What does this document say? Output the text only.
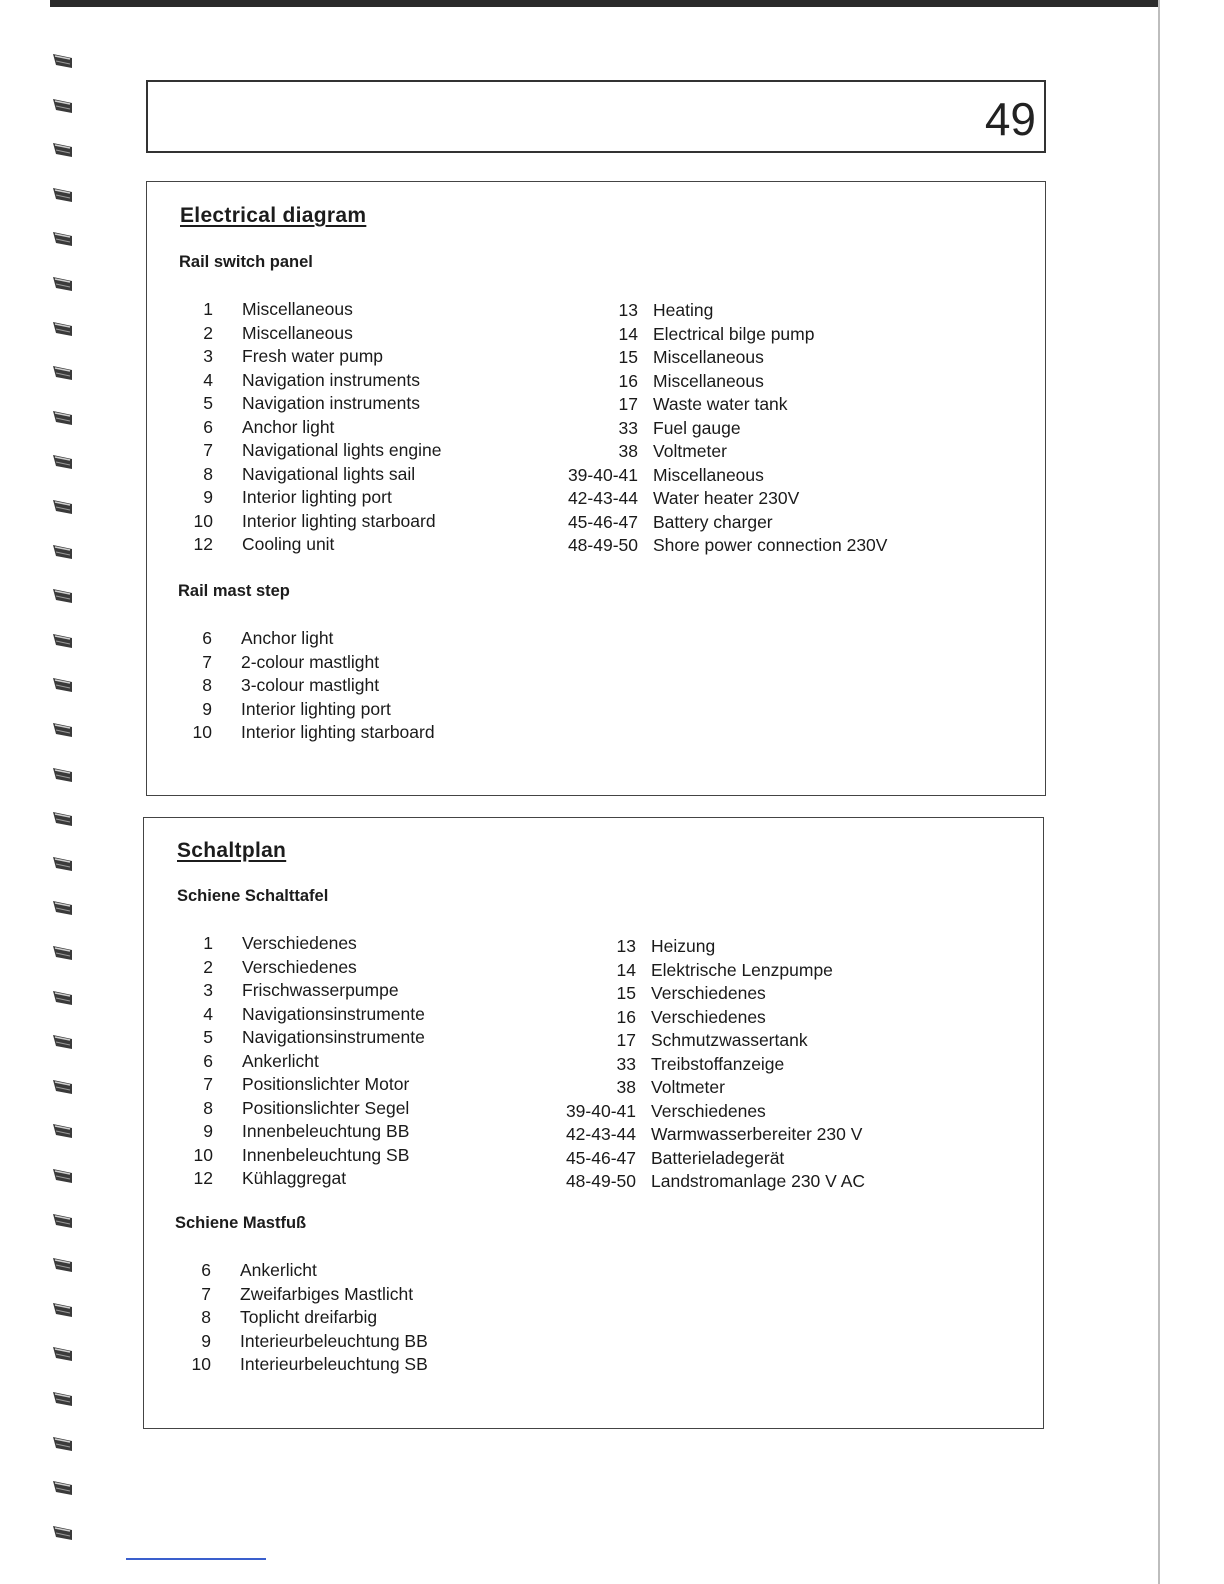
49
Electrical diagram
Rail switch panel
1 Miscellaneous
2 Miscellaneous
3 Fresh water pump
4 Navigation instruments
5 Navigation instruments
6 Anchor light
7 Navigational lights engine
8 Navigational lights sail
9 Interior lighting port
10 Interior lighting starboard
12 Cooling unit
13 Heating
14 Electrical bilge pump
15 Miscellaneous
16 Miscellaneous
17 Waste water tank
33 Fuel gauge
38 Voltmeter
39-40-41 Miscellaneous
42-43-44 Water heater 230V
45-46-47 Battery charger
48-49-50 Shore power connection 230V
Rail mast step
6 Anchor light
7 2-colour mastlight
8 3-colour mastlight
9 Interior lighting port
10 Interior lighting starboard
Schaltplan
Schiene Schalttafel
1 Verschiedenes
2 Verschiedenes
3 Frischwasserpumpe
4 Navigationsinstrumente
5 Navigationsinstrumente
6 Ankerlicht
7 Positionslichter Motor
8 Positionslichter Segel
9 Innenbeleuchtung BB
10 Innenbeleuchtung SB
12 Kühlaggregat
13 Heizung
14 Elektrische Lenzpumpe
15 Verschiedenes
16 Verschiedenes
17 Schmutzwassertank
33 Treibstoffanzeige
38 Voltmeter
39-40-41 Verschiedenes
42-43-44 Warmwasserbereiter 230 V
45-46-47 Batterieladegerät
48-49-50 Landstromanlage 230 V AC
Schiene Mastfuß
6 Ankerlicht
7 Zweifarbiges Mastlicht
8 Toplicht dreifarbig
9 Interieurbeleuchtung BB
10 Interieurbeleuchtung SB
